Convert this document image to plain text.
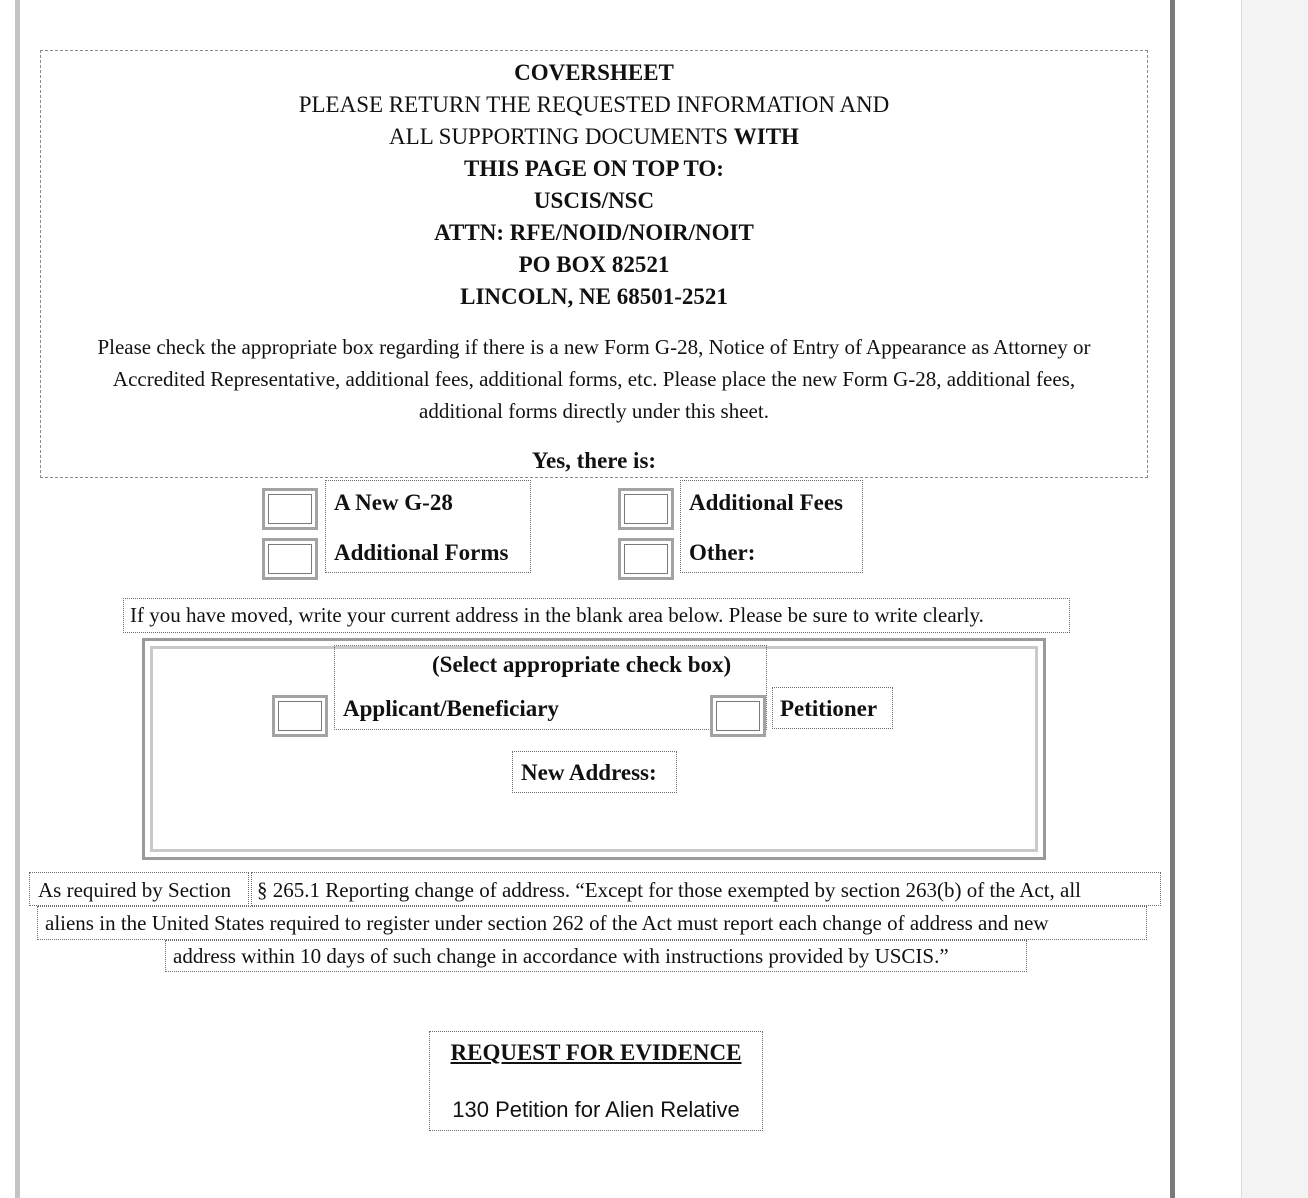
COVERSHEET
PLEASE RETURN THE REQUESTED INFORMATION AND
ALL SUPPORTING DOCUMENTS WITH
THIS PAGE ON TOP TO:
USCIS/NSC
ATTN: RFE/NOID/NOIR/NOIT
PO BOX 82521
LINCOLN, NE 68501-2521
Please check the appropriate box regarding if there is a new Form G-28, Notice of Entry of Appearance as Attorney or
Accredited Representative, additional fees, additional forms, etc. Please place the new Form G-28, additional fees,
additional forms directly under this sheet.
Yes, there is:
A New G-28
Additional Forms
Additional Fees
Other:
If you have moved, write your current address in the blank area below. Please be sure to write clearly.
(Select appropriate check box)
Applicant/Beneficiary	Petitioner
New Address:
As required by Section	§ 265.1 Reporting change of address. “Except for those exempted by section 263(b) of the Act, all
aliens in the United States required to register under section 262 of the Act must report each change of address and new
address within 10 days of such change in accordance with instructions provided by USCIS.”
REQUEST FOR EVIDENCE
130 Petition for Alien Relative
